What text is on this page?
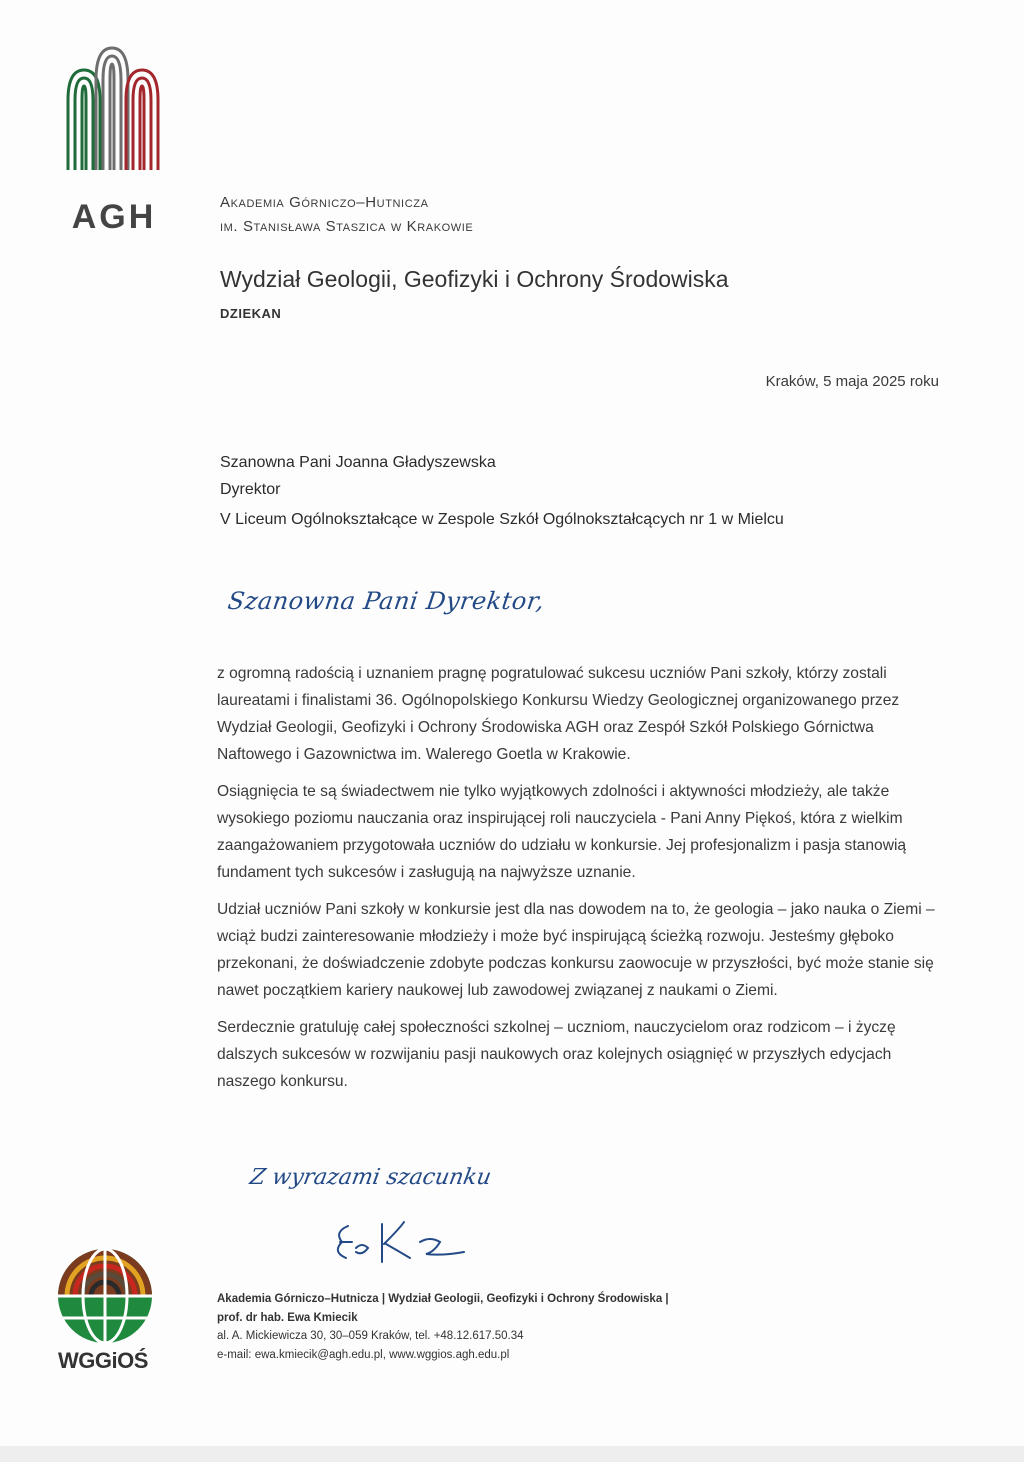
AGH	Akademia Górniczo–Hutnicza
im. Stanisława Staszica w Krakowie
Wydział Geologii, Geofizyki i Ochrony Środowiska
DZIEKAN
Kraków, 5 maja 2025 roku
Szanowna Pani Joanna Gładyszewska
Dyrektor
V Liceum Ogólnokształcące w Zespole Szkół Ogólnokształcących nr 1 w Mielcu
Szanowna Pani Dyrektor,

z ogromną radością i uznaniem pragnę pogratulować sukcesu uczniów Pani szkoły, którzy zostali laureatami i finalistami 36. Ogólnopolskiego Konkursu Wiedzy Geologicznej organizowanego przez Wydział Geologii, Geofizyki i Ochrony Środowiska AGH oraz Zespół Szkół Polskiego Górnictwa Naftowego i Gazownictwa im. Walerego Goetla w Krakowie.

Osiągnięcia te są świadectwem nie tylko wyjątkowych zdolności i aktywności młodzieży, ale także wysokiego poziomu nauczania oraz inspirującej roli nauczyciela - Pani Anny Piękoś, która z wielkim zaangażowaniem przygotowała uczniów do udziału w konkursie. Jej profesjonalizm i pasja stanowią fundament tych sukcesów i zasługują na najwyższe uznanie.

Udział uczniów Pani szkoły w konkursie jest dla nas dowodem na to, że geologia – jako nauka o Ziemi – wciąż budzi zainteresowanie młodzieży i może być inspirującą ścieżką rozwoju. Jesteśmy głęboko przekonani, że doświadczenie zdobyte podczas konkursu zaowocuje w przyszłości, być może stanie się nawet początkiem kariery naukowej lub zawodowej związanej z naukami o Ziemi.

Serdecznie gratuluję całej społeczności szkolnej – uczniom, nauczycielom oraz rodzicom – i życzę dalszych sukcesów w rozwijaniu pasji naukowych oraz kolejnych osiągnięć w przyszłych edycjach naszego konkursu.

Z wyrazami szacunku
WGGiOŚ
Akademia Górniczo–Hutnicza | Wydział Geologii, Geofizyki i Ochrony Środowiska |
prof. dr hab. Ewa Kmiecik
al. A. Mickiewicza 30, 30–059 Kraków, tel. +48.12.617.50.34
e-mail: ewa.kmiecik@agh.edu.pl, www.wggios.agh.edu.pl
